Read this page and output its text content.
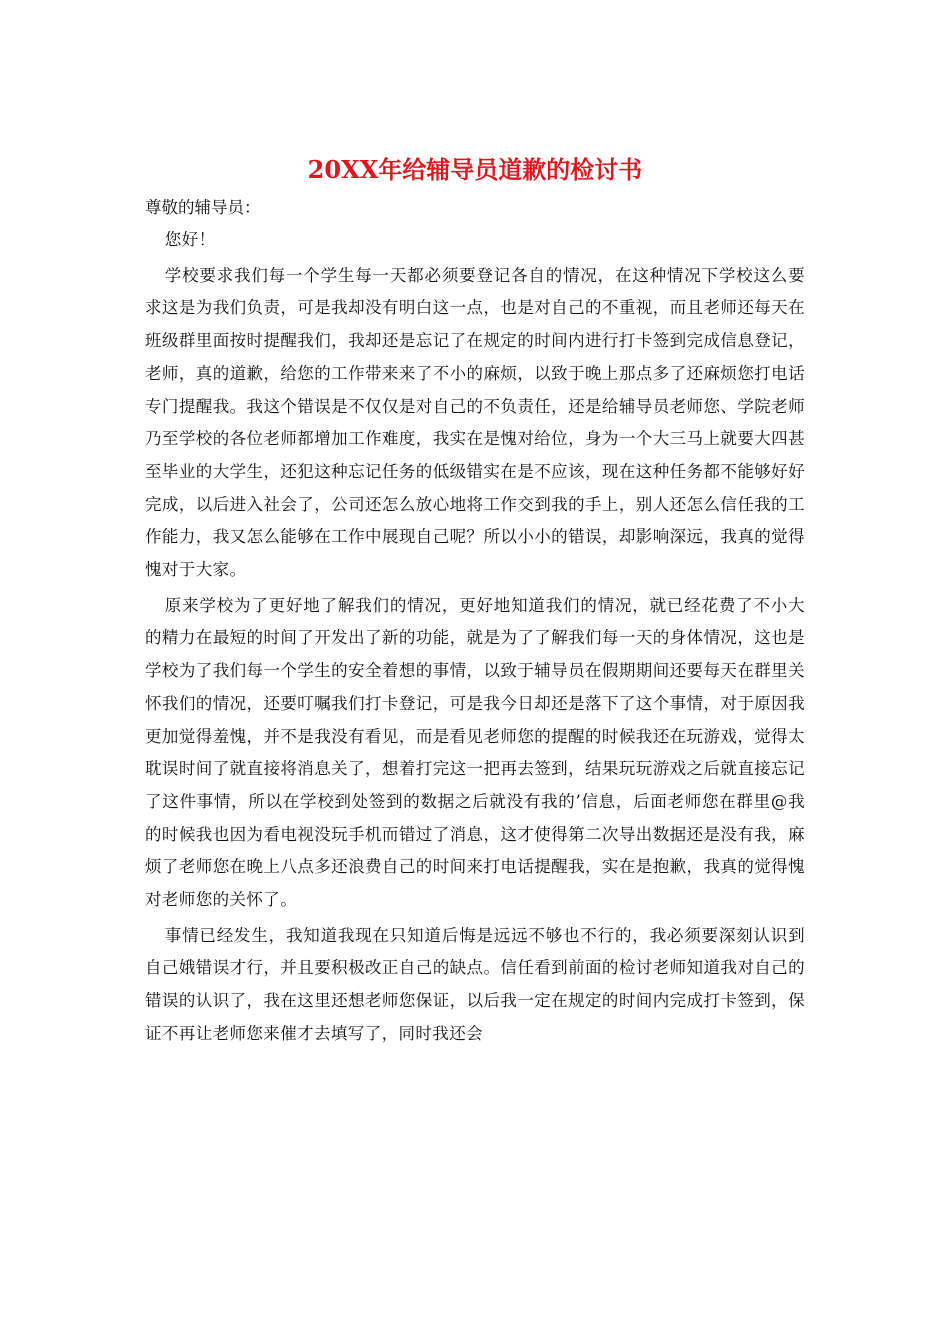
20XX年给辅导员道歉的检讨书

尊敬的辅导员：

您好！

学校要求我们每一个学生每一天都必须要登记各自的情况，在这种情况下学校这么要求这是为我们负责，可是我却没有明白这一点，也是对自己的不重视，而且老师还每天在班级群里面按时提醒我们，我却还是忘记了在规定的时间内进行打卡签到完成信息登记，老师，真的道歉，给您的工作带来来了不小的麻烦，以致于晚上那点多了还麻烦您打电话专门提醒我。我这个错误是不仅仅是对自己的不负责任，还是给辅导员老师您、学院老师乃至学校的各位老师都增加工作难度，我实在是愧对给位，身为一个大三马上就要大四甚至毕业的大学生，还犯这种忘记任务的低级错实在是不应该，现在这种任务都不能够好好完成，以后进入社会了，公司还怎么放心地将工作交到我的手上，别人还怎么信任我的工作能力，我又怎么能够在工作中展现自己呢？所以小小的错误，却影响深远，我真的觉得愧对于大家。

原来学校为了更好地了解我们的情况，更好地知道我们的情况，就已经花费了不小大的精力在最短的时间了开发出了新的功能，就是为了了解我们每一天的身体情况，这也是学校为了我们每一个学生的安全着想的事情，以致于辅导员在假期期间还要每天在群里关怀我们的情况，还要叮嘱我们打卡登记，可是我今日却还是落下了这个事情，对于原因我更加觉得羞愧，并不是我没有看见，而是看见老师您的提醒的时候我还在玩游戏，觉得太耽误时间了就直接将消息关了，想着打完这一把再去签到，结果玩玩游戏之后就直接忘记了这件事情，所以在学校到处签到的数据之后就没有我的’信息，后面老师您在群里@我的时候我也因为看电视没玩手机而错过了消息，这才使得第二次导出数据还是没有我，麻烦了老师您在晚上八点多还浪费自己的时间来打电话提醒我，实在是抱歉，我真的觉得愧对老师您的关怀了。

事情已经发生，我知道我现在只知道后悔是远远不够也不行的，我必须要深刻认识到自己娥错误才行，并且要积极改正自己的缺点。信任看到前面的检讨老师知道我对自己的错误的认识了，我在这里还想老师您保证，以后我一定在规定的时间内完成打卡签到，保证不再让老师您来催才去填写了，同时我还会
